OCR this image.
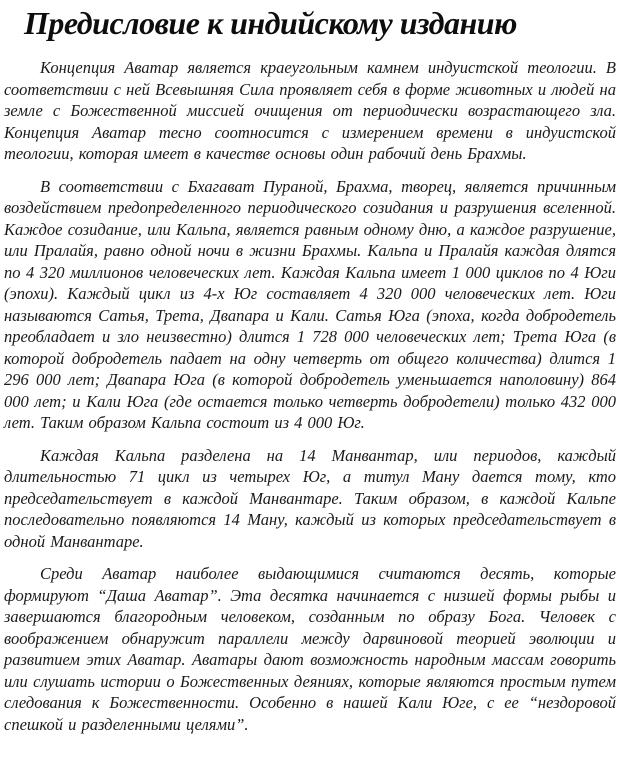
Предисловие к индийскому изданию

Концепция Аватар является краеугольным камнем индуистской теологии. В соответствии с ней Всевышняя Сила проявляет себя в форме животных и людей на земле с Божественной миссией очищения от периодически возрастающего зла. Концепция Аватар тесно соотносится с измерением времени в индуистской теологии, которая имеет в качестве основы один рабочий день Брахмы.

В соответствии с Бхагават Пураной, Брахма, творец, является причинным воздействием предопределенного периодического созидания и разрушения вселенной. Каждое созидание, или Кальпа, является равным одному дню, а каждое разрушение, или Пралайя, равно одной ночи в жизни Брахмы. Кальпа и Пралайя каждая длятся по 4 320 миллионов человеческих лет. Каждая Кальпа имеет 1 000 циклов по 4 Юги (эпохи). Каждый цикл из 4-х Юг составляет 4 320 000 человеческих лет. Юги называются Сатья, Трета, Двапара и Кали. Сатья Юга (эпоха, когда добродетель преобладает и зло неизвестно) длится 1 728 000 человеческих лет; Трета Юга (в которой добродетель падает на одну четверть от общего количества) длится 1 296 000 лет; Двапара Юга (в которой добродетель уменьшается наполовину) 864 000 лет; и Кали Юга (где остается только четверть добродетели) только 432 000 лет. Таким образом Кальпа состоит из 4 000 Юг.

Каждая Кальпа разделена на 14 Манвантар, или периодов, каждый длительностью 71 цикл из четырех Юг, а титул Ману дается тому, кто председательствует в каждой Манвантаре. Таким образом, в каждой Кальпе последовательно появляются 14 Ману, каждый из которых председательствует в одной Манвантаре.

Среди Аватар наиболее выдающимися считаются десять, которые формируют “Даша Аватар”. Эта десятка начинается с низшей формы рыбы и завершаются благородным человеком, созданным по образу Бога. Человек с воображением обнаружит параллели между дарвиновой теорией эволюции и развитием этих Аватар. Аватары дают возможность народным массам говорить или слушать истории о Божественных деяниях, которые являются простым путем следования к Божественности. Особенно в нашей Кали Юге, с ее “нездоровой спешкой и разделенными целями”.
